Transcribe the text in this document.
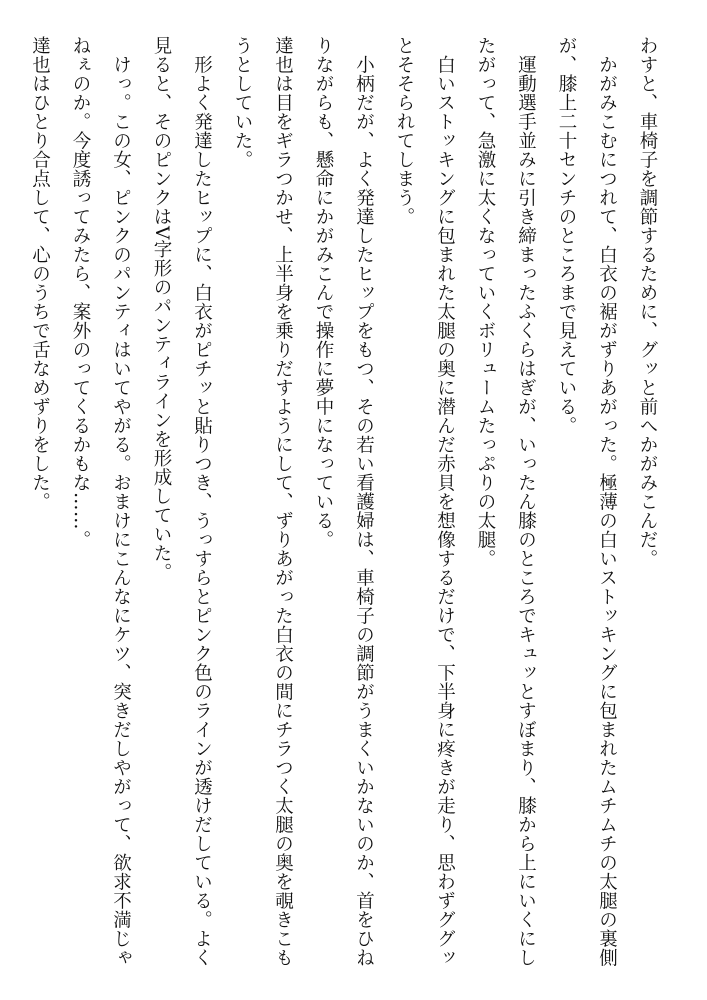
わすと、車椅子を調節するために、グッと前へかがみこんだ。

かがみこむにつれて、白衣の裾がずりあがった。極薄の白いストッキングに包まれたムチムチの太腿の裏側が、膝上二十センチのところまで見えている。

運動選手並みに引き締まったふくらはぎが、いったん膝のところでキュッとすぼまり、膝から上にいくにしたがって、急激に太くなっていくボリュームたっぷりの太腿。

白いストッキングに包まれた太腿の奥に潜んだ赤貝を想像するだけで、下半身に疼きが走り、思わずググッとそそられてしまう。

小柄だが、よく発達したヒップをもつ、その若い看護婦は、車椅子の調節がうまくいかないのか、首をひねりながらも、懸命にかがみこんで操作に夢中になっている。

達也は目をギラつかせ、上半身を乗りだすようにして、ずりあがった白衣の間にチラつく太腿の奥を覗きこもうとしていた。

形よく発達したヒップに、白衣がピチッと貼りつき、うっすらとピンク色のラインが透けだしている。よく見ると、そのピンクはV字形のパンティラインを形成していた。

けっ。この女、ピンクのパンティはいてやがる。おまけにこんなにケツ、突きだしやがって、欲求不満じゃねぇのか。今度誘ってみたら、案外のってくるかもな……。

達也はひとり合点して、心のうちで舌なめずりをした。
